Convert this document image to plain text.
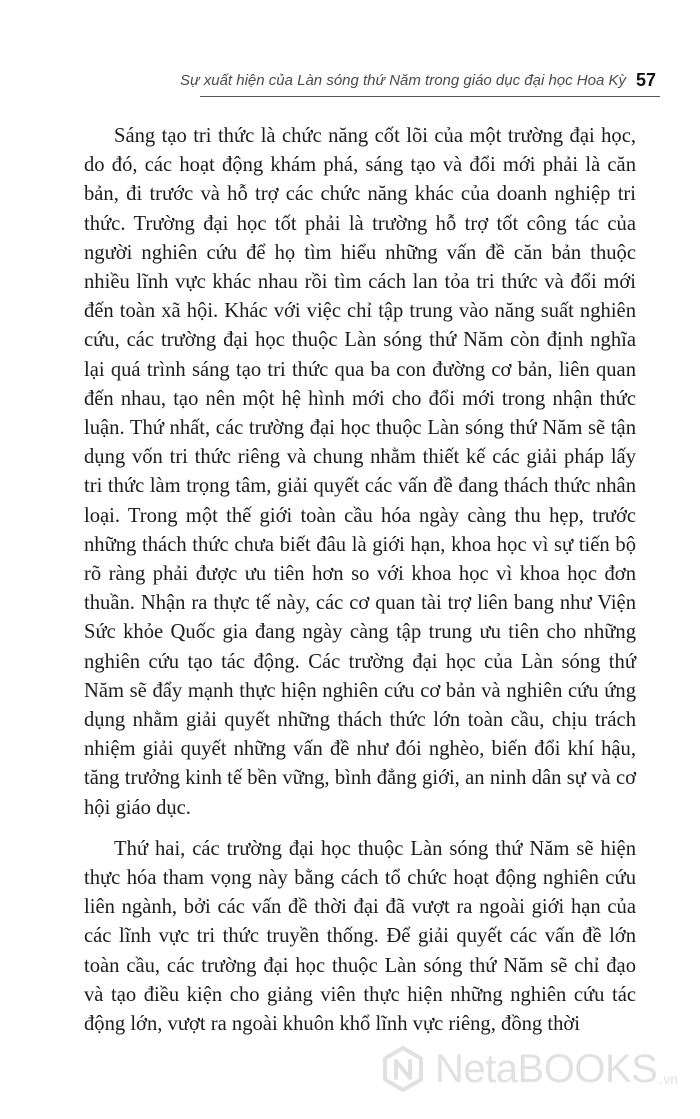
Sự xuất hiện của Làn sóng thứ Năm trong giáo dục đại học Hoa Kỳ 57

Sáng tạo tri thức là chức năng cốt lõi của một trường đại học, do đó, các hoạt động khám phá, sáng tạo và đổi mới phải là căn bản, đi trước và hỗ trợ các chức năng khác của doanh nghiệp tri thức. Trường đại học tốt phải là trường hỗ trợ tốt công tác của người nghiên cứu để họ tìm hiểu những vấn đề căn bản thuộc nhiều lĩnh vực khác nhau rồi tìm cách lan tỏa tri thức và đổi mới đến toàn xã hội. Khác với việc chỉ tập trung vào năng suất nghiên cứu, các trường đại học thuộc Làn sóng thứ Năm còn định nghĩa lại quá trình sáng tạo tri thức qua ba con đường cơ bản, liên quan đến nhau, tạo nên một hệ hình mới cho đổi mới trong nhận thức luận. Thứ nhất, các trường đại học thuộc Làn sóng thứ Năm sẽ tận dụng vốn tri thức riêng và chung nhằm thiết kế các giải pháp lấy tri thức làm trọng tâm, giải quyết các vấn đề đang thách thức nhân loại. Trong một thế giới toàn cầu hóa ngày càng thu hẹp, trước những thách thức chưa biết đâu là giới hạn, khoa học vì sự tiến bộ rõ ràng phải được ưu tiên hơn so với khoa học vì khoa học đơn thuần. Nhận ra thực tế này, các cơ quan tài trợ liên bang như Viện Sức khỏe Quốc gia đang ngày càng tập trung ưu tiên cho những nghiên cứu tạo tác động. Các trường đại học của Làn sóng thứ Năm sẽ đẩy mạnh thực hiện nghiên cứu cơ bản và nghiên cứu ứng dụng nhằm giải quyết những thách thức lớn toàn cầu, chịu trách nhiệm giải quyết những vấn đề như đói nghèo, biến đổi khí hậu, tăng trưởng kinh tế bền vững, bình đẳng giới, an ninh dân sự và cơ hội giáo dục.

Thứ hai, các trường đại học thuộc Làn sóng thứ Năm sẽ hiện thực hóa tham vọng này bằng cách tổ chức hoạt động nghiên cứu liên ngành, bởi các vấn đề thời đại đã vượt ra ngoài giới hạn của các lĩnh vực tri thức truyền thống. Để giải quyết các vấn đề lớn toàn cầu, các trường đại học thuộc Làn sóng thứ Năm sẽ chỉ đạo và tạo điều kiện cho giảng viên thực hiện những nghiên cứu tác động lớn, vượt ra ngoài khuôn khổ lĩnh vực riêng, đồng thời

NetaBOOKS .vn
